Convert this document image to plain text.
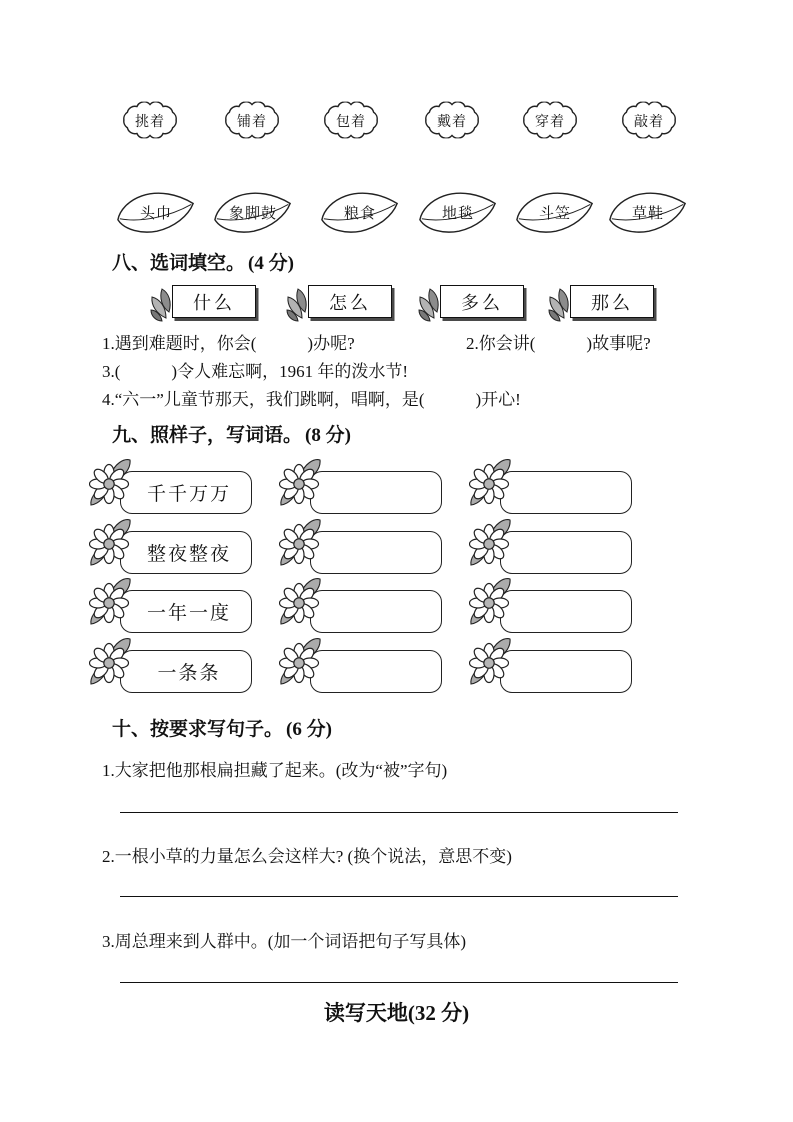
挑着	铺着	包着	戴着	穿着	敲着
头巾	象脚鼓	粮食	地毯	斗笠	草鞋
八、选词填空。 (4 分)
什么	怎么	多么	那么
1.遇到难题时，你会(　　　)办呢?	2.你会讲(　　　)故事呢?
3.(　　　)令人难忘啊，1961 年的泼水节!
4.“六一”儿童节那天，我们跳啊，唱啊，是(　　　)开心!
九、照样子，写词语。 (8 分)
千千万万
整夜整夜
一年一度
一条条
十、按要求写句子。 (6 分)
1.大家把他那根扁担藏了起来。(改为“被”字句)
2.一根小草的力量怎么会这样大? (换个说法，意思不变)
3.周总理来到人群中。(加一个词语把句子写具体)
读写天地(32 分)
